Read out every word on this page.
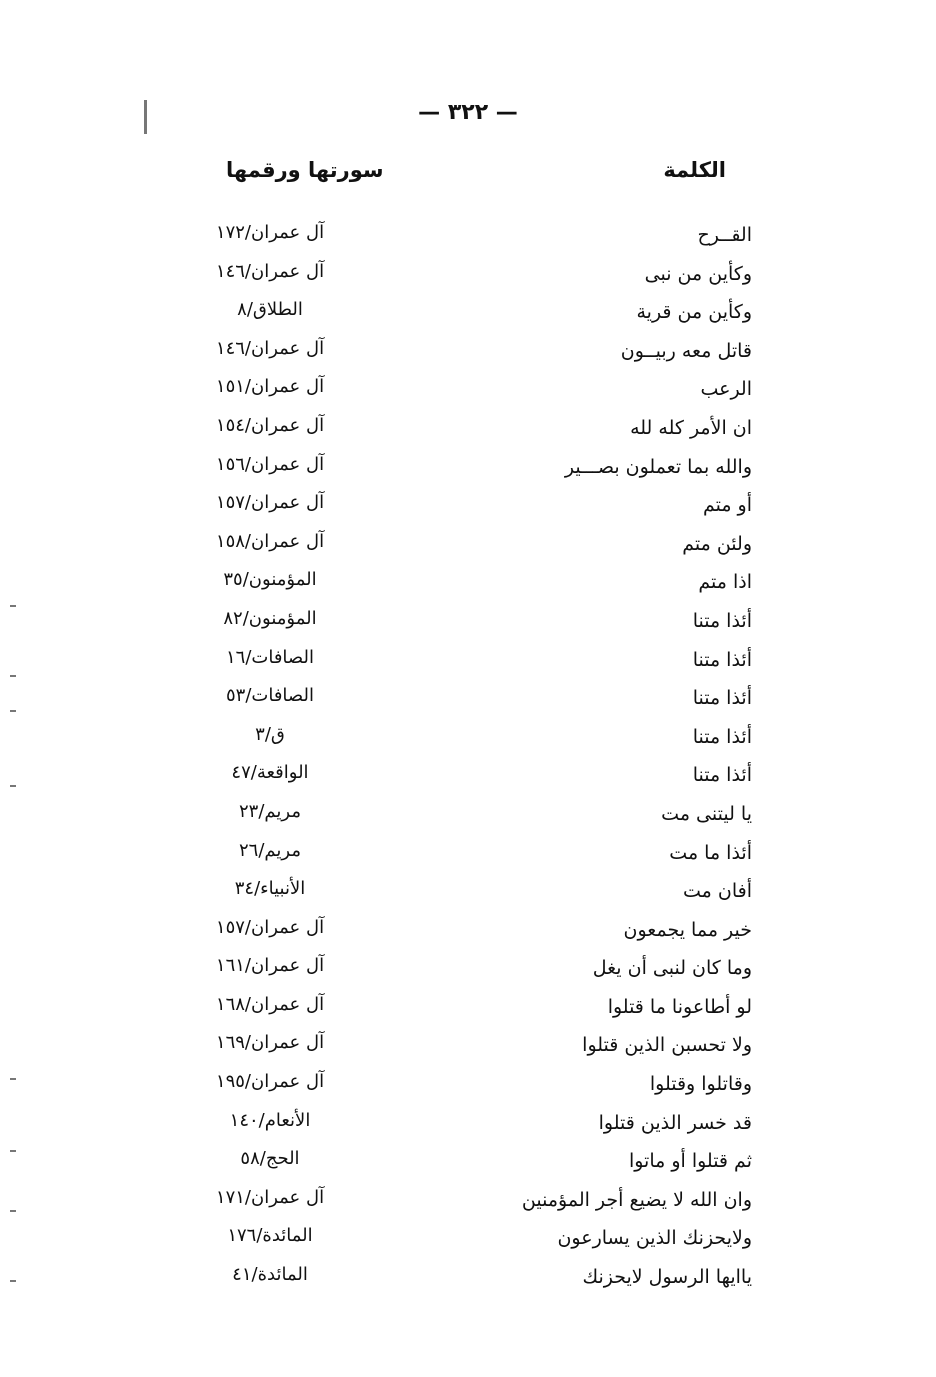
— ٣٢٢ —
الكلمة
سورتها ورقمها
القــرح
آل عمران/١٧٢
وكأين من نبى
آل عمران/١٤٦
وكأين من قرية
الطلاق/٨
قاتل معه ربيــون
آل عمران/١٤٦
الرعب
آل عمران/١٥١
ان الأمر كله لله
آل عمران/١٥٤
والله بما تعملون بصـــير
آل عمران/١٥٦
أو متم
آل عمران/١٥٧
ولئن متم
آل عمران/١٥٨
اذا متم
المؤمنون/٣٥
أئذا متنا
المؤمنون/٨٢
أئذا متنا
الصافات/١٦
أئذا متنا
الصافات/٥٣
أئذا متنا
ق/٣
أئذا متنا
الواقعة/٤٧
يا ليتنى مت
مريم/٢٣
أئذا ما مت
مريم/٢٦
أفان مت
الأنبياء/٣٤
خير مما يجمعون
آل عمران/١٥٧
وما كان لنبى أن يغل
آل عمران/١٦١
لو أطاعونا ما قتلوا
آل عمران/١٦٨
ولا تحسبن الذين قتلوا
آل عمران/١٦٩
وقاتلوا وقتلوا
آل عمران/١٩٥
قد خسر الذين قتلوا
الأنعام/١٤٠
ثم قتلوا أو ماتوا
الحج/٥٨
وان الله لا يضيع أجر المؤمنين
آل عمران/١٧١
ولايحزنك الذين يسارعون
المائدة/١٧٦
ياايها الرسول لايحزنك
المائدة/٤١
